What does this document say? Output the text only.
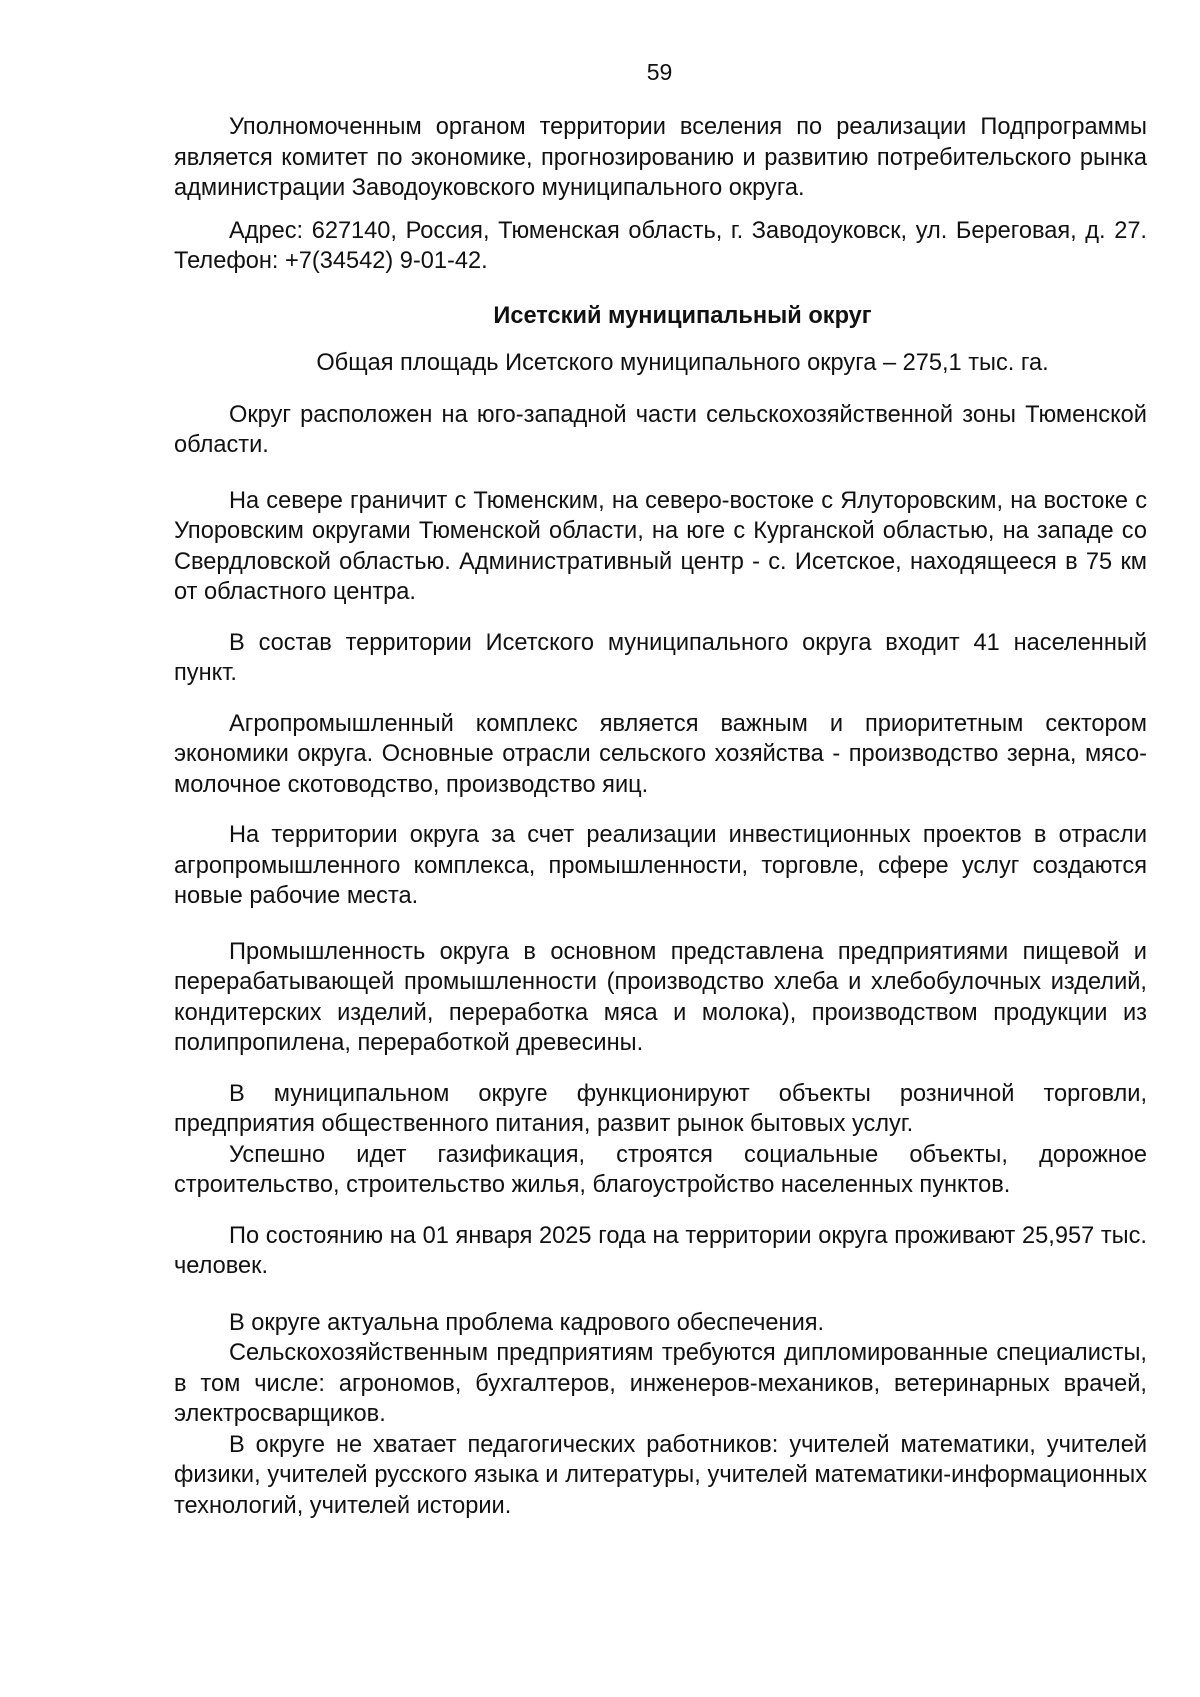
59

Уполномоченным органом территории вселения по реализации Подпрограммы является комитет по экономике, прогнозированию и развитию потребительского рынка администрации Заводоуковского муниципального округа.

Адрес: 627140, Россия, Тюменская область, г. Заводоуковск, ул. Береговая, д. 27. Телефон: +7(34542) 9-01-42.

Исетский муниципальный округ

Общая площадь Исетского муниципального округа – 275,1 тыс. га.

Округ расположен на юго-западной части сельскохозяйственной зоны Тюменской области.

На севере граничит с Тюменским, на северо-востоке с Ялуторовским, на востоке с Упоровским округами Тюменской области, на юге с Курганской областью, на западе со Свердловской областью. Административный центр - с. Исетское, находящееся в 75 км от областного центра.

В состав территории Исетского муниципального округа входит 41 населенный пункт.

Агропромышленный комплекс является важным и приоритетным сектором экономики округа. Основные отрасли сельского хозяйства - производство зерна, мясо-молочное скотоводство, производство яиц.

На территории округа за счет реализации инвестиционных проектов в отрасли агропромышленного комплекса, промышленности, торговле, сфере услуг создаются новые рабочие места.

Промышленность округа в основном представлена предприятиями пищевой и перерабатывающей промышленности (производство хлеба и хлебобулочных изделий, кондитерских изделий, переработка мяса и молока), производством продукции из полипропилена, переработкой древесины.

В муниципальном округе функционируют объекты розничной торговли, предприятия общественного питания, развит рынок бытовых услуг.

Успешно идет газификация, строятся социальные объекты, дорожное строительство, строительство жилья, благоустройство населенных пунктов.

По состоянию на 01 января 2025 года на территории округа проживают 25,957 тыс. человек.

В округе актуальна проблема кадрового обеспечения.

Сельскохозяйственным предприятиям требуются дипломированные специалисты, в том числе: агрономов, бухгалтеров, инженеров-механиков, ветеринарных врачей, электросварщиков.

В округе не хватает педагогических работников: учителей математики, учителей физики, учителей русского языка и литературы, учителей математики-информационных технологий, учителей истории.
